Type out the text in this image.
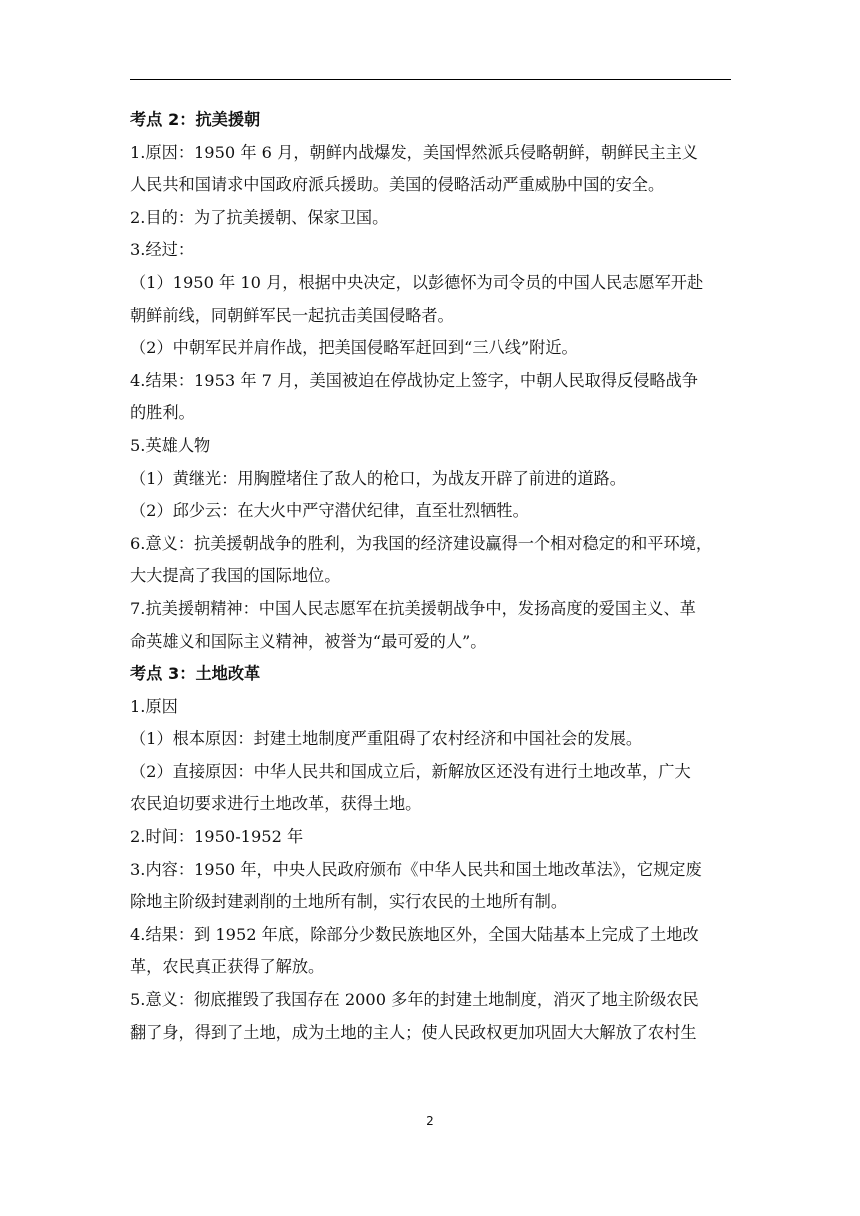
考点 2：抗美援朝

1.原因：1950 年 6 月，朝鲜内战爆发，美国悍然派兵侵略朝鲜，朝鲜民主主义

人民共和国请求中国政府派兵援助。美国的侵略活动严重威胁中国的安全。

2.目的：为了抗美援朝、保家卫国。

3.经过：

（1）1950 年 10 月，根据中央决定，以彭德怀为司令员的中国人民志愿军开赴

朝鲜前线，同朝鲜军民一起抗击美国侵略者。

（2）中朝军民并肩作战，把美国侵略军赶回到“三八线”附近。

4.结果：1953 年 7 月，美国被迫在停战协定上签字，中朝人民取得反侵略战争

的胜利。

5.英雄人物

（1）黄继光：用胸膛堵住了敌人的枪口，为战友开辟了前进的道路。

（2）邱少云：在大火中严守潜伏纪律，直至壮烈牺牲。

6.意义：抗美援朝战争的胜利，为我国的经济建设赢得一个相对稳定的和平环境，

大大提高了我国的国际地位。

7.抗美援朝精神：中国人民志愿军在抗美援朝战争中，发扬高度的爱国主义、革

命英雄义和国际主义精神，被誉为“最可爱的人”。

考点 3：土地改革

1.原因

（1）根本原因：封建土地制度严重阻碍了农村经济和中国社会的发展。

（2）直接原因：中华人民共和国成立后，新解放区还没有进行土地改革，广大

农民迫切要求进行土地改革，获得土地。

2.时间：1950-1952 年

3.内容：1950 年，中央人民政府颁布《中华人民共和国土地改革法》，它规定废

除地主阶级封建剥削的土地所有制，实行农民的土地所有制。

4.结果：到 1952 年底，除部分少数民族地区外，全国大陆基本上完成了土地改

革，农民真正获得了解放。

5.意义：彻底摧毁了我国存在 2000 多年的封建土地制度，消灭了地主阶级农民

翻了身，得到了土地，成为土地的主人；使人民政权更加巩固大大解放了农村生

2
